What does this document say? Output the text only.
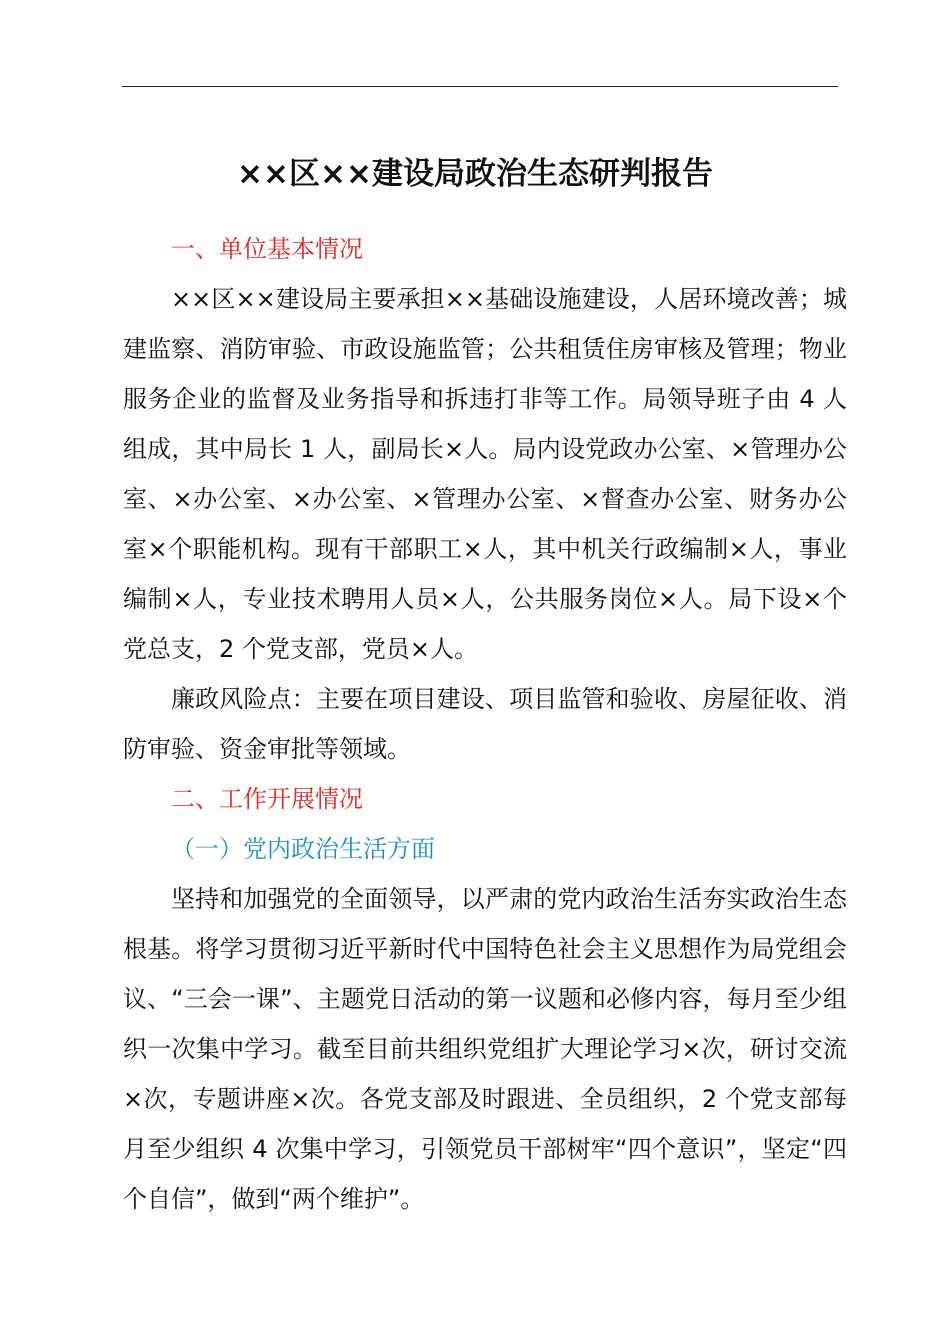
××区××建设局政治生态研判报告

一、单位基本情况

××区××建设局主要承担××基础设施建设，人居环境改善；城建监察、消防审验、市政设施监管；公共租赁住房审核及管理；物业服务企业的监督及业务指导和拆违打非等工作。局领导班子由 4 人组成，其中局长 1 人，副局长×人。局内设党政办公室、×管理办公室、×办公室、×办公室、×管理办公室、×督查办公室、财务办公室×个职能机构。现有干部职工×人，其中机关行政编制×人，事业编制×人，专业技术聘用人员×人，公共服务岗位×人。局下设×个党总支，2 个党支部，党员×人。

廉政风险点：主要在项目建设、项目监管和验收、房屋征收、消防审验、资金审批等领域。

二、工作开展情况

（一）党内政治生活方面

坚持和加强党的全面领导，以严肃的党内政治生活夯实政治生态根基。将学习贯彻习近平新时代中国特色社会主义思想作为局党组会议、“三会一课”、主题党日活动的第一议题和必修内容，每月至少组织一次集中学习。截至目前共组织党组扩大理论学习×次，研讨交流×次，专题讲座×次。各党支部及时跟进、全员组织，2 个党支部每月至少组织 4 次集中学习，引领党员干部树牢“四个意识”，坚定“四个自信”，做到“两个维护”。
